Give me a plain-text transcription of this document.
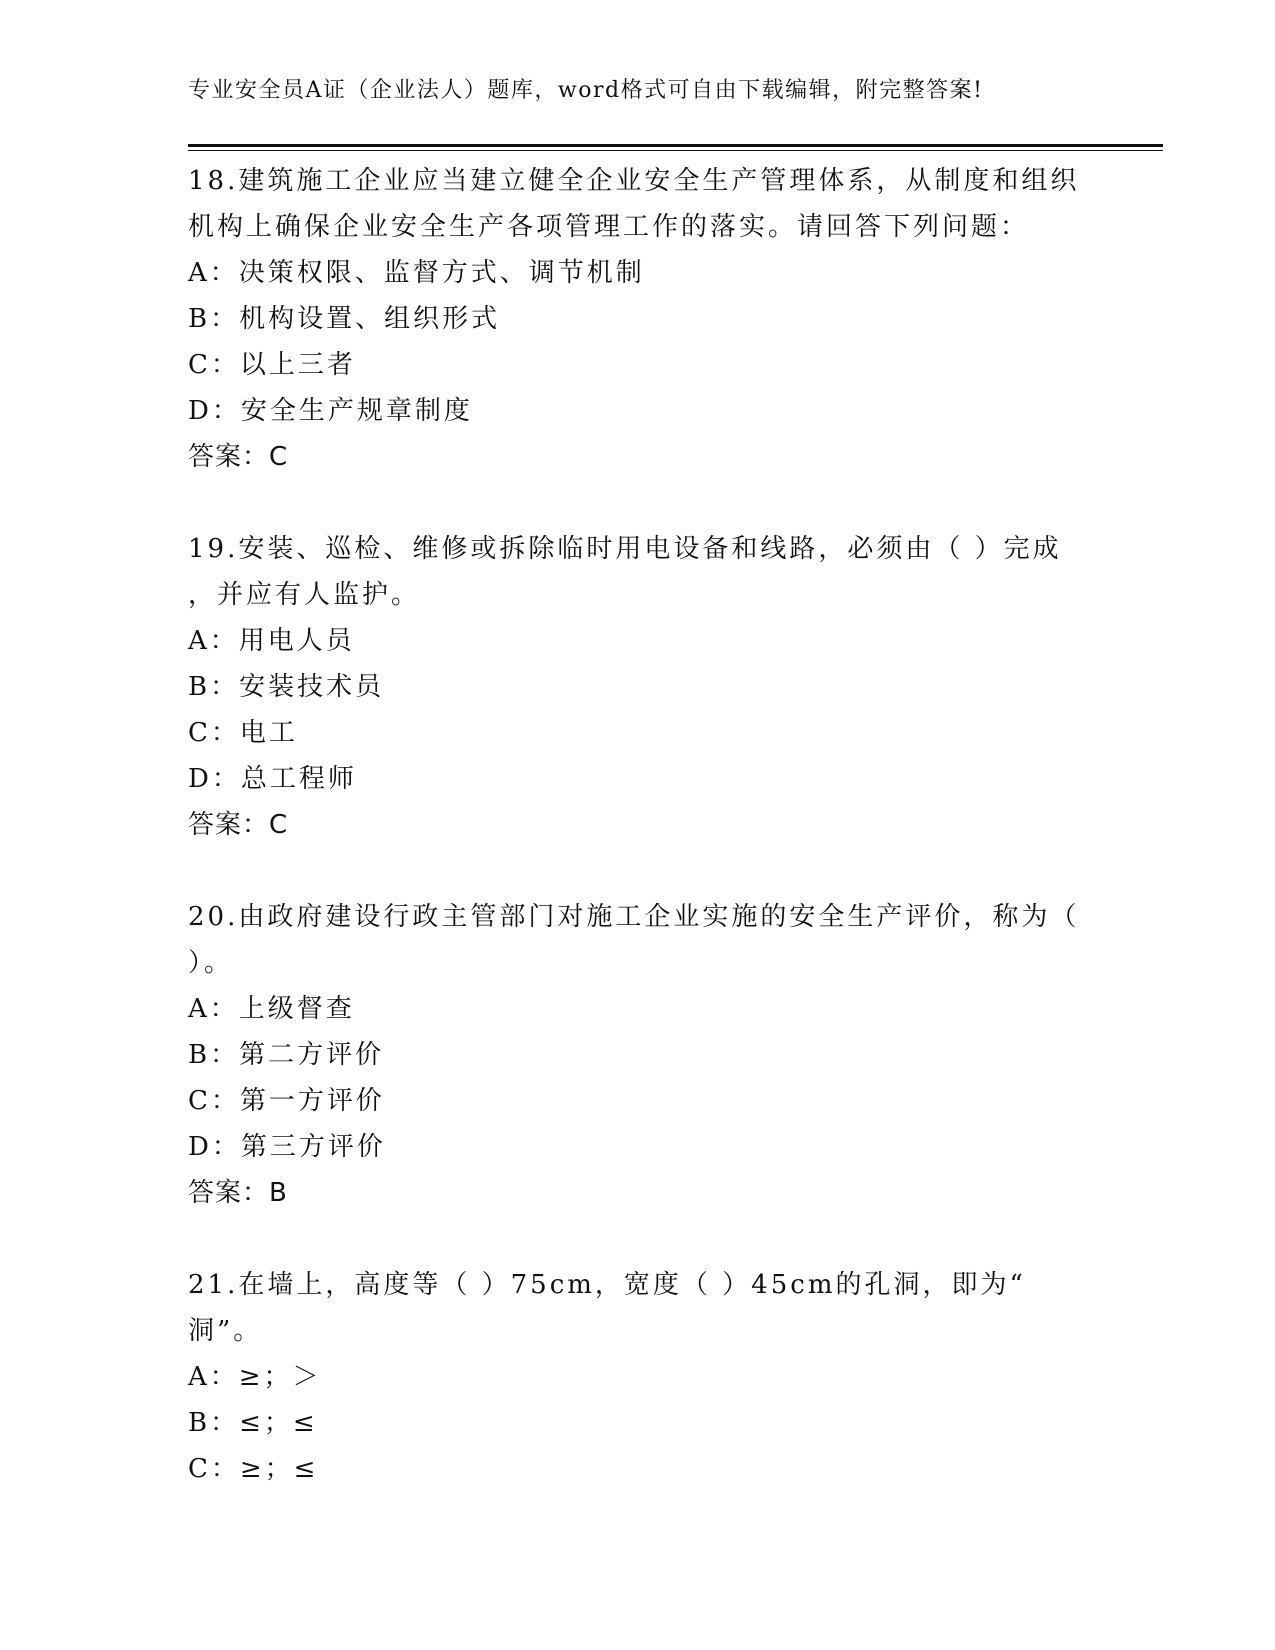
专业安全员A证（企业法人）题库，word格式可自由下载编辑，附完整答案!
18.建筑施工企业应当建立健全企业安全生产管理体系，从制度和组织
机构上确保企业安全生产各项管理工作的落实。请回答下列问题：
A：决策权限、监督方式、调节机制
B：机构设置、组织形式
C：以上三者
D：安全生产规章制度
答案：C
19.安装、巡检、维修或拆除临时用电设备和线路，必须由（ ）完成
，并应有人监护。
A：用电人员
B：安装技术员
C：电工
D：总工程师
答案：C
20.由政府建设行政主管部门对施工企业实施的安全生产评价，称为（
）。
A：上级督查
B：第二方评价
C：第一方评价
D：第三方评价
答案：B
21.在墙上，高度等（ ）75cm，宽度（ ）45cm的孔洞，即为“
洞”。
A：≥；＞
B：≤；≤
C：≥；≤
